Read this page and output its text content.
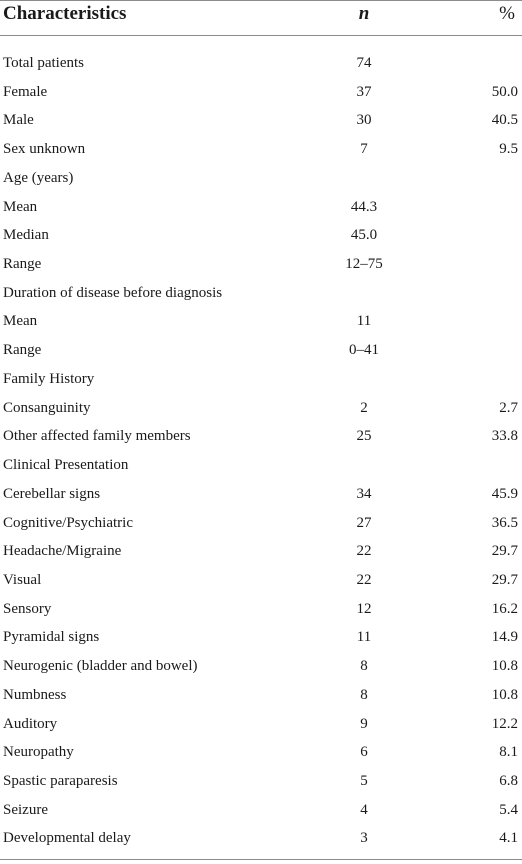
Characteristics	n	%
Total patients	74
Female	37	50.0
Male	30	40.5
Sex unknown	7	9.5
Age (years)
Mean	44.3
Median	45.0
Range	12–75
Duration of disease before diagnosis
Mean	11
Range	0–41
Family History
Consanguinity	2	2.7
Other affected family members	25	33.8
Clinical Presentation
Cerebellar signs	34	45.9
Cognitive/Psychiatric	27	36.5
Headache/Migraine	22	29.7
Visual	22	29.7
Sensory	12	16.2
Pyramidal signs	11	14.9
Neurogenic (bladder and bowel)	8	10.8
Numbness	8	10.8
Auditory	9	12.2
Neuropathy	6	8.1
Spastic paraparesis	5	6.8
Seizure	4	5.4
Developmental delay	3	4.1
